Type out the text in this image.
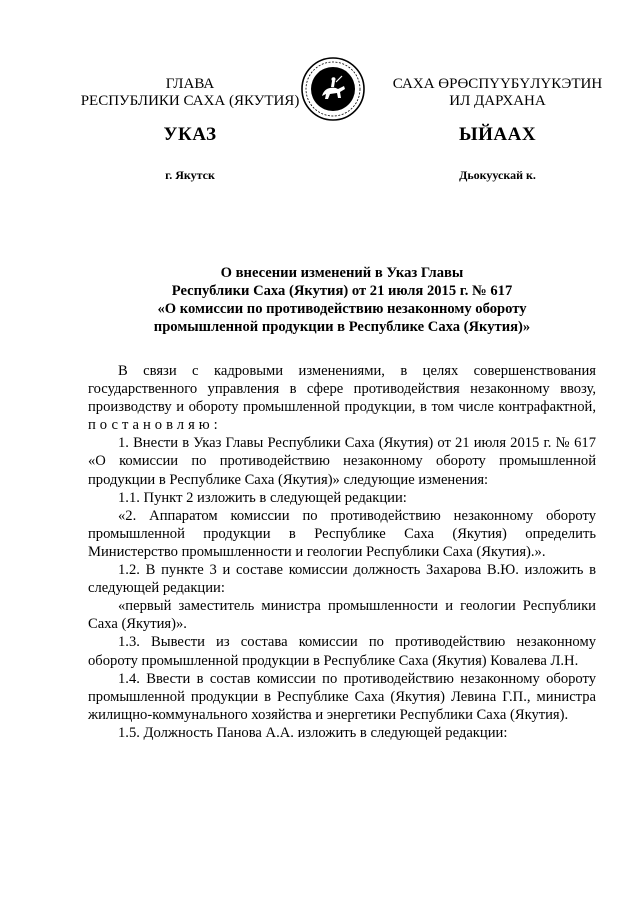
ГЛАВА
РЕСПУБЛИКИ САХА (ЯКУТИЯ)
САХА ӨРӨСПҮҮБҮЛҮКЭТИН
ИЛ ДАРХАНА
УКАЗ	ЫЙААХ
г. Якутск	Дьокуускай к.
О внесении изменений в Указ Главы
Республики Саха (Якутия) от 21 июля 2015 г. № 617
«О комиссии по противодействию незаконному обороту
промышленной продукции в Республике Саха (Якутия)»

В связи с кадровыми изменениями, в целях совершенствования государственного управления в сфере противодействия незаконному ввозу, производству и обороту промышленной продукции, в том числе контрафактной, постановляю:

1. Внести в Указ Главы Республики Саха (Якутия) от 21 июля 2015 г. № 617 «О комиссии по противодействию незаконному обороту промышленной продукции в Республике Саха (Якутия)» следующие изменения:

1.1. Пункт 2 изложить в следующей редакции:

«2. Аппаратом комиссии по противодействию незаконному обороту промышленной продукции в Республике Саха (Якутия) определить Министерство промышленности и геологии Республики Саха (Якутия).».

1.2. В пункте 3 и составе комиссии должность Захарова В.Ю. изложить в следующей редакции:

«первый заместитель министра промышленности и геологии Республики Саха (Якутия)».

1.3. Вывести из состава комиссии по противодействию незаконному обороту промышленной продукции в Республике Саха (Якутия) Ковалева Л.Н.

1.4. Ввести в состав комиссии по противодействию незаконному обороту промышленной продукции в Республике Саха (Якутия) Левина Г.П., министра жилищно-коммунального хозяйства и энергетики Республики Саха (Якутия).

1.5. Должность Панова А.А. изложить в следующей редакции:
